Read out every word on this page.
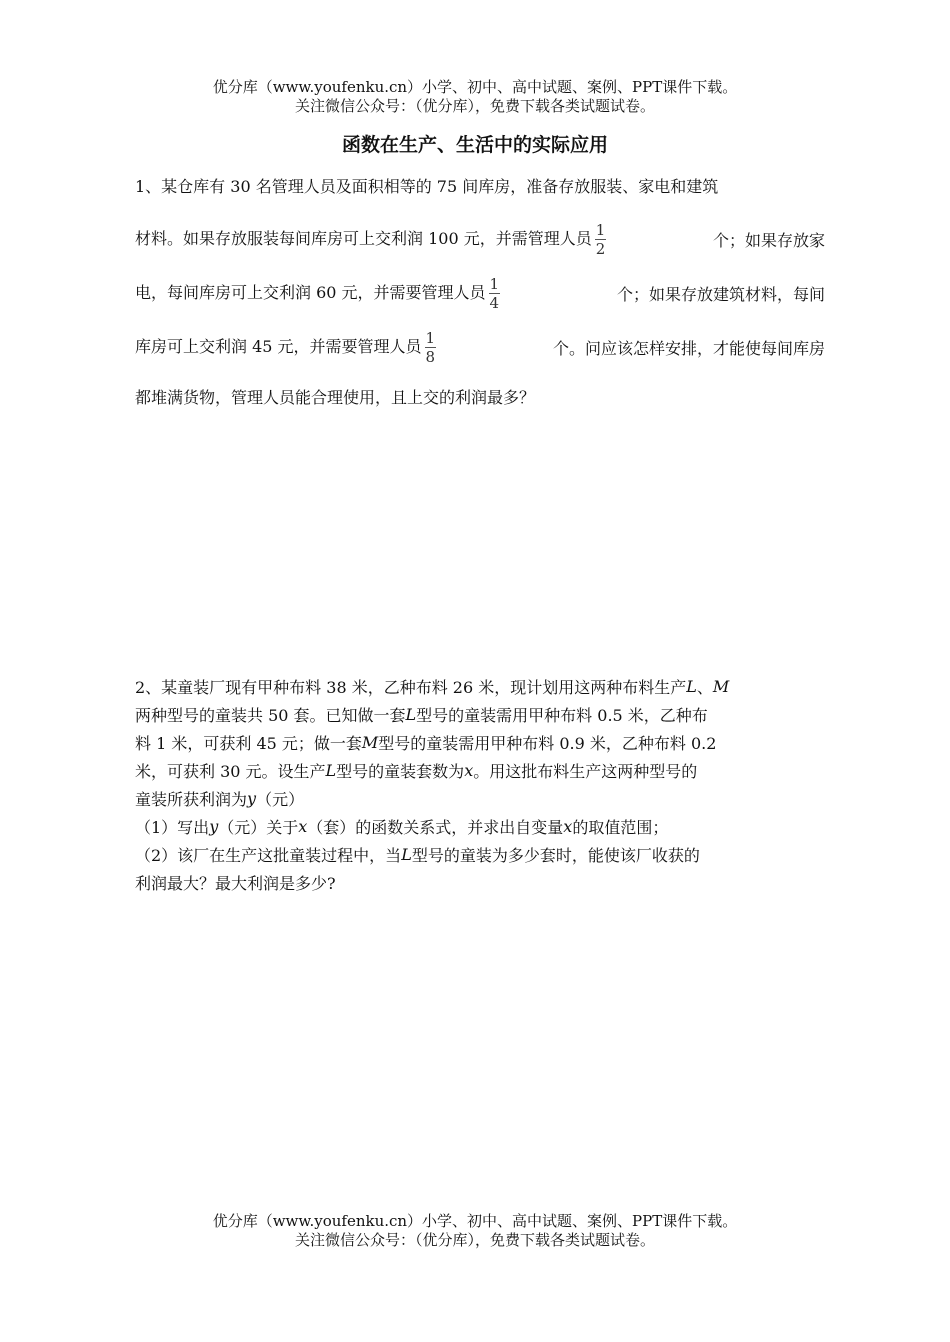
优分库（www.youfenku.cn）小学、初中、高中试题、案例、PPT课件下载。
关注微信公众号：（优分库），免费下载各类试题试卷。
函数在生产、生活中的实际应用
1、某仓库有 30 名管理人员及面积相等的 75 间库房，准备存放服装、家电和建筑
材料。如果存放服装每间库房可上交利润 100 元，并需管理人员 $\frac{1}{2}$	个；如果存放家
电，每间库房可上交利润 60 元，并需要管理人员 $\frac{1}{4}$	个；如果存放建筑材料，每间
库房可上交利润 45 元，并需要管理人员 $\frac{1}{8}$	个。问应该怎样安排，才能使每间库房
都堆满货物，管理人员能合理使用，且上交的利润最多？
2、某童装厂现有甲种布料 38 米，乙种布料 26 米，现计划用这两种布料生产 L 、 M
两种型号的童装共 50 套。已知做一套 L 型号的童装需用甲种布料 0.5 米，乙种布
料 1 米，可获利 45 元；做一套 M 型号的童装需用甲种布料 0.9 米，乙种布料 0.2
米，可获利 30 元。设生产 L 型号的童装套数为 x 。用这批布料生产这两种型号的
童装所获利润为 y （元）
（1）写出 y （元）关于 x （套）的函数关系式，并求出自变量 x 的取值范围；
（2）该厂在生产这批童装过程中，当 L 型号的童装为多少套时，能使该厂收获的
利润最大？最大利润是多少?
优分库（www.youfenku.cn）小学、初中、高中试题、案例、PPT课件下载。
关注微信公众号：（优分库），免费下载各类试题试卷。
